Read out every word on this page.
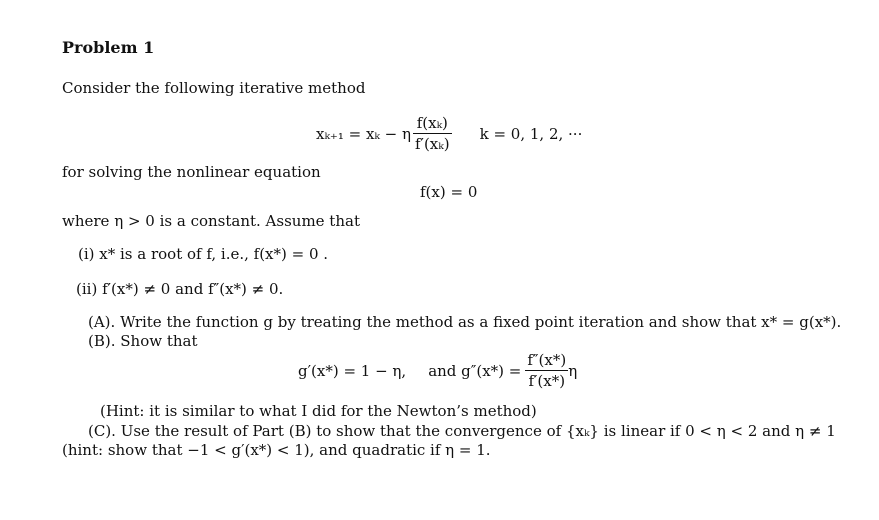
Problem 1
Consider the following iterative method
xₖ₊₁ = xₖ − η $\frac{\text{f(xₖ)}}{\text{f′(xₖ)}}$ k = 0, 1, 2, ···
for solving the nonlinear equation
f(x) = 0
where η > 0 is a constant. Assume that
(i) x* is a root of f, i.e., f(x*) = 0 .
(ii) f′(x*) ≠ 0 and f″(x*) ≠ 0.
(A). Write the function g by treating the method as a fixed point iteration and show that x* = g(x*).
(B). Show that
g′(x*) = 1 − η, and $g''(x*) = \frac{f''(x*)}{f'(x*)}$ η
(Hint: it is similar to what I did for the Newton’s method)
(C). Use the result of Part (B) to show that the convergence of {xₖ} is linear if 0 < η < 2 and η ≠ 1
(hint: show that −1 < g′(x*) < 1), and quadratic if η = 1.
